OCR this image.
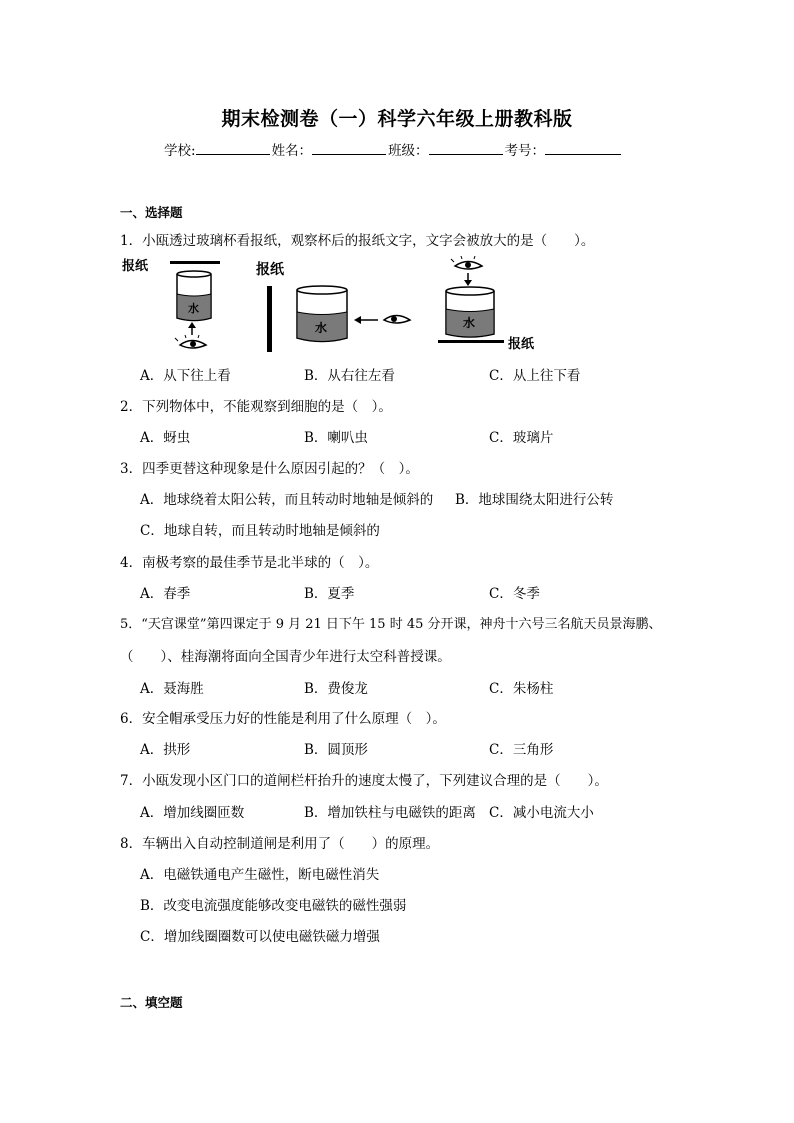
期末检测卷（一）科学六年级上册教科版
学校:	姓名：	班级：	考号：
一、选择题
1．小瓯透过玻璃杯看报纸，观察杯后的报纸文字，文字会被放大的是（　　）。
报纸
水
报纸
水	水
报纸
A．从下往上看	B．从右往左看	C．从上往下看
2．下列物体中，不能观察到细胞的是（　）。
A．蚜虫	B．喇叭虫	C．玻璃片
3．四季更替这种现象是什么原因引起的？（　）。
A．地球绕着太阳公转，而且转动时地轴是倾斜的 B．地球围绕太阳进行公转
C．地球自转，而且转动时地轴是倾斜的
4．南极考察的最佳季节是北半球的（　）。
A．春季	B．夏季	C．冬季
5．“天宫课堂”第四课定于 9 月 21 日下午 15 时 45 分开课，神舟十六号三名航天员景海鹏、
（　　）、桂海潮将面向全国青少年进行太空科普授课。
A．聂海胜	B．费俊龙	C．朱杨柱
6．安全帽承受压力好的性能是利用了什么原理（　）。
A．拱形	B．圆顶形	C．三角形
7．小瓯发现小区门口的道闸栏杆抬升的速度太慢了，下列建议合理的是（　　）。
A．增加线圈匝数	B．增加铁柱与电磁铁的距离 C．减小电流大小
8．车辆出入自动控制道闸是利用了（　　）的原理。
A．电磁铁通电产生磁性，断电磁性消失
B．改变电流强度能够改变电磁铁的磁性强弱
C．增加线圈圈数可以使电磁铁磁力增强
二、填空题
